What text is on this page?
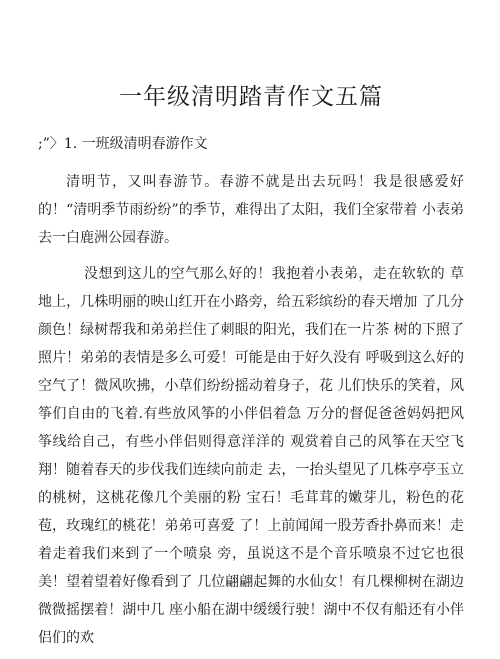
一年级清明踏青作文五篇
;”〉1. 一班级清明春游作文

清明节，又叫春游节。春游不就是出去玩吗！我是很感爱好 的！“清明季节雨纷纷”的季节，难得出了太阳，我们全家带着 小表弟去一白鹿洲公园春游。

没想到这儿的空气那么好的！我抱着小表弟，走在软软的 草地上，几株明丽的映山红开在小路旁，给五彩缤纷的春天增加 了几分颜色！绿树帮我和弟弟拦住了刺眼的阳光，我们在一片茶 树的下照了照片！弟弟的表情是多么可爱！可能是由于好久没有 呼吸到这么好的空气了！微风吹拂，小草们纷纷摇动着身子，花 儿们快乐的笑着，风筝们自由的飞着.有些放风筝的小伴侣着急 万分的督促爸爸妈妈把风筝线给自己，有些小伴侣则得意洋洋的 观赏着自己的风筝在天空飞翔！随着春天的步伐我们连续向前走 去，一抬头望见了几株亭亭玉立的桃树，这桃花像几个美丽的粉 宝石！毛茸茸的嫩芽儿，粉色的花苞，玫瑰红的桃花！弟弟可喜爱 了！上前闻闻一股芳香扑鼻而来！走着走着我们来到了一个喷泉 旁，虽说这不是个音乐喷泉不过它也很美！望着望着好像看到了 几位翩翩起舞的水仙女！有几棵柳树在湖边微微摇摆着！湖中几 座小船在湖中缓缓行驶！湖中不仅有船还有小伴侣们的欢
